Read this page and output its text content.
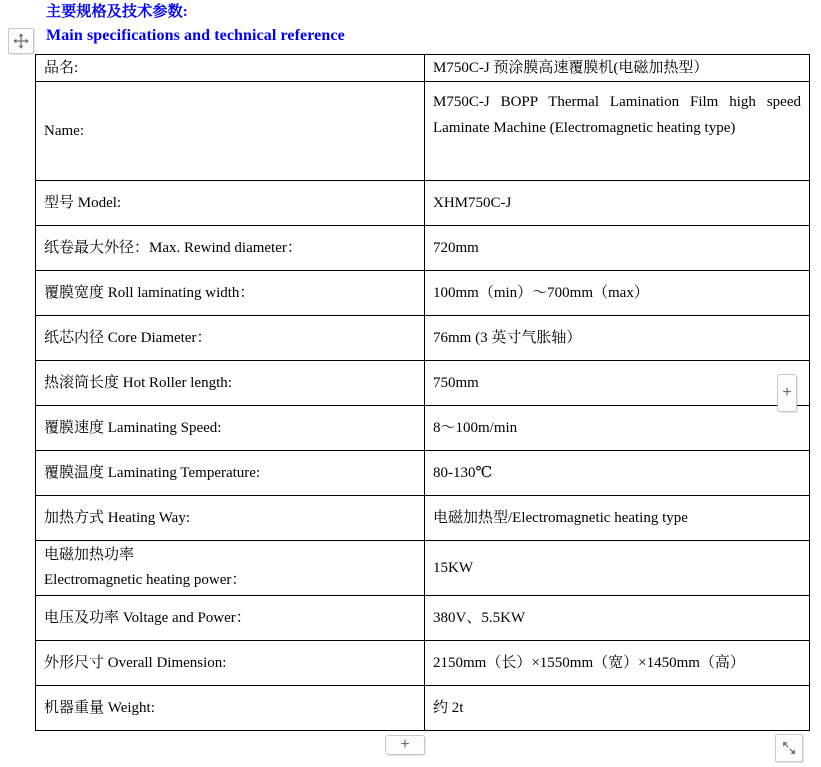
主要规格及技术参数:
Main specifications and technical reference
品名:	M750C-J 预涂膜高速覆膜机(电磁加热型）

Name:	M750C-J BOPP Thermal Lamination Film high speed Laminate Machine (Electromagnetic heating type)

型号 Model:	XHM750C-J

纸卷最大外径：Max. Rewind diameter：	720mm

覆膜宽度 Roll laminating width：	100mm（min）～700mm（max）

纸芯内径 Core Diameter：	76mm (3 英寸气胀轴）

热滚筒长度 Hot Roller length:	750mm

覆膜速度 Laminating Speed:	8～100m/min

覆膜温度 Laminating Temperature:	80-130℃

加热方式 Heating Way:	电磁加热型/Electromagnetic heating type

电磁加热功率
Electromagnetic heating power：	15KW

电压及功率 Voltage and Power：	380V、5.5KW

外形尺寸 Overall Dimension:	2150mm（长）×1550mm（宽）×1450mm（高）

机器重量 Weight:	约 2t
+
+
